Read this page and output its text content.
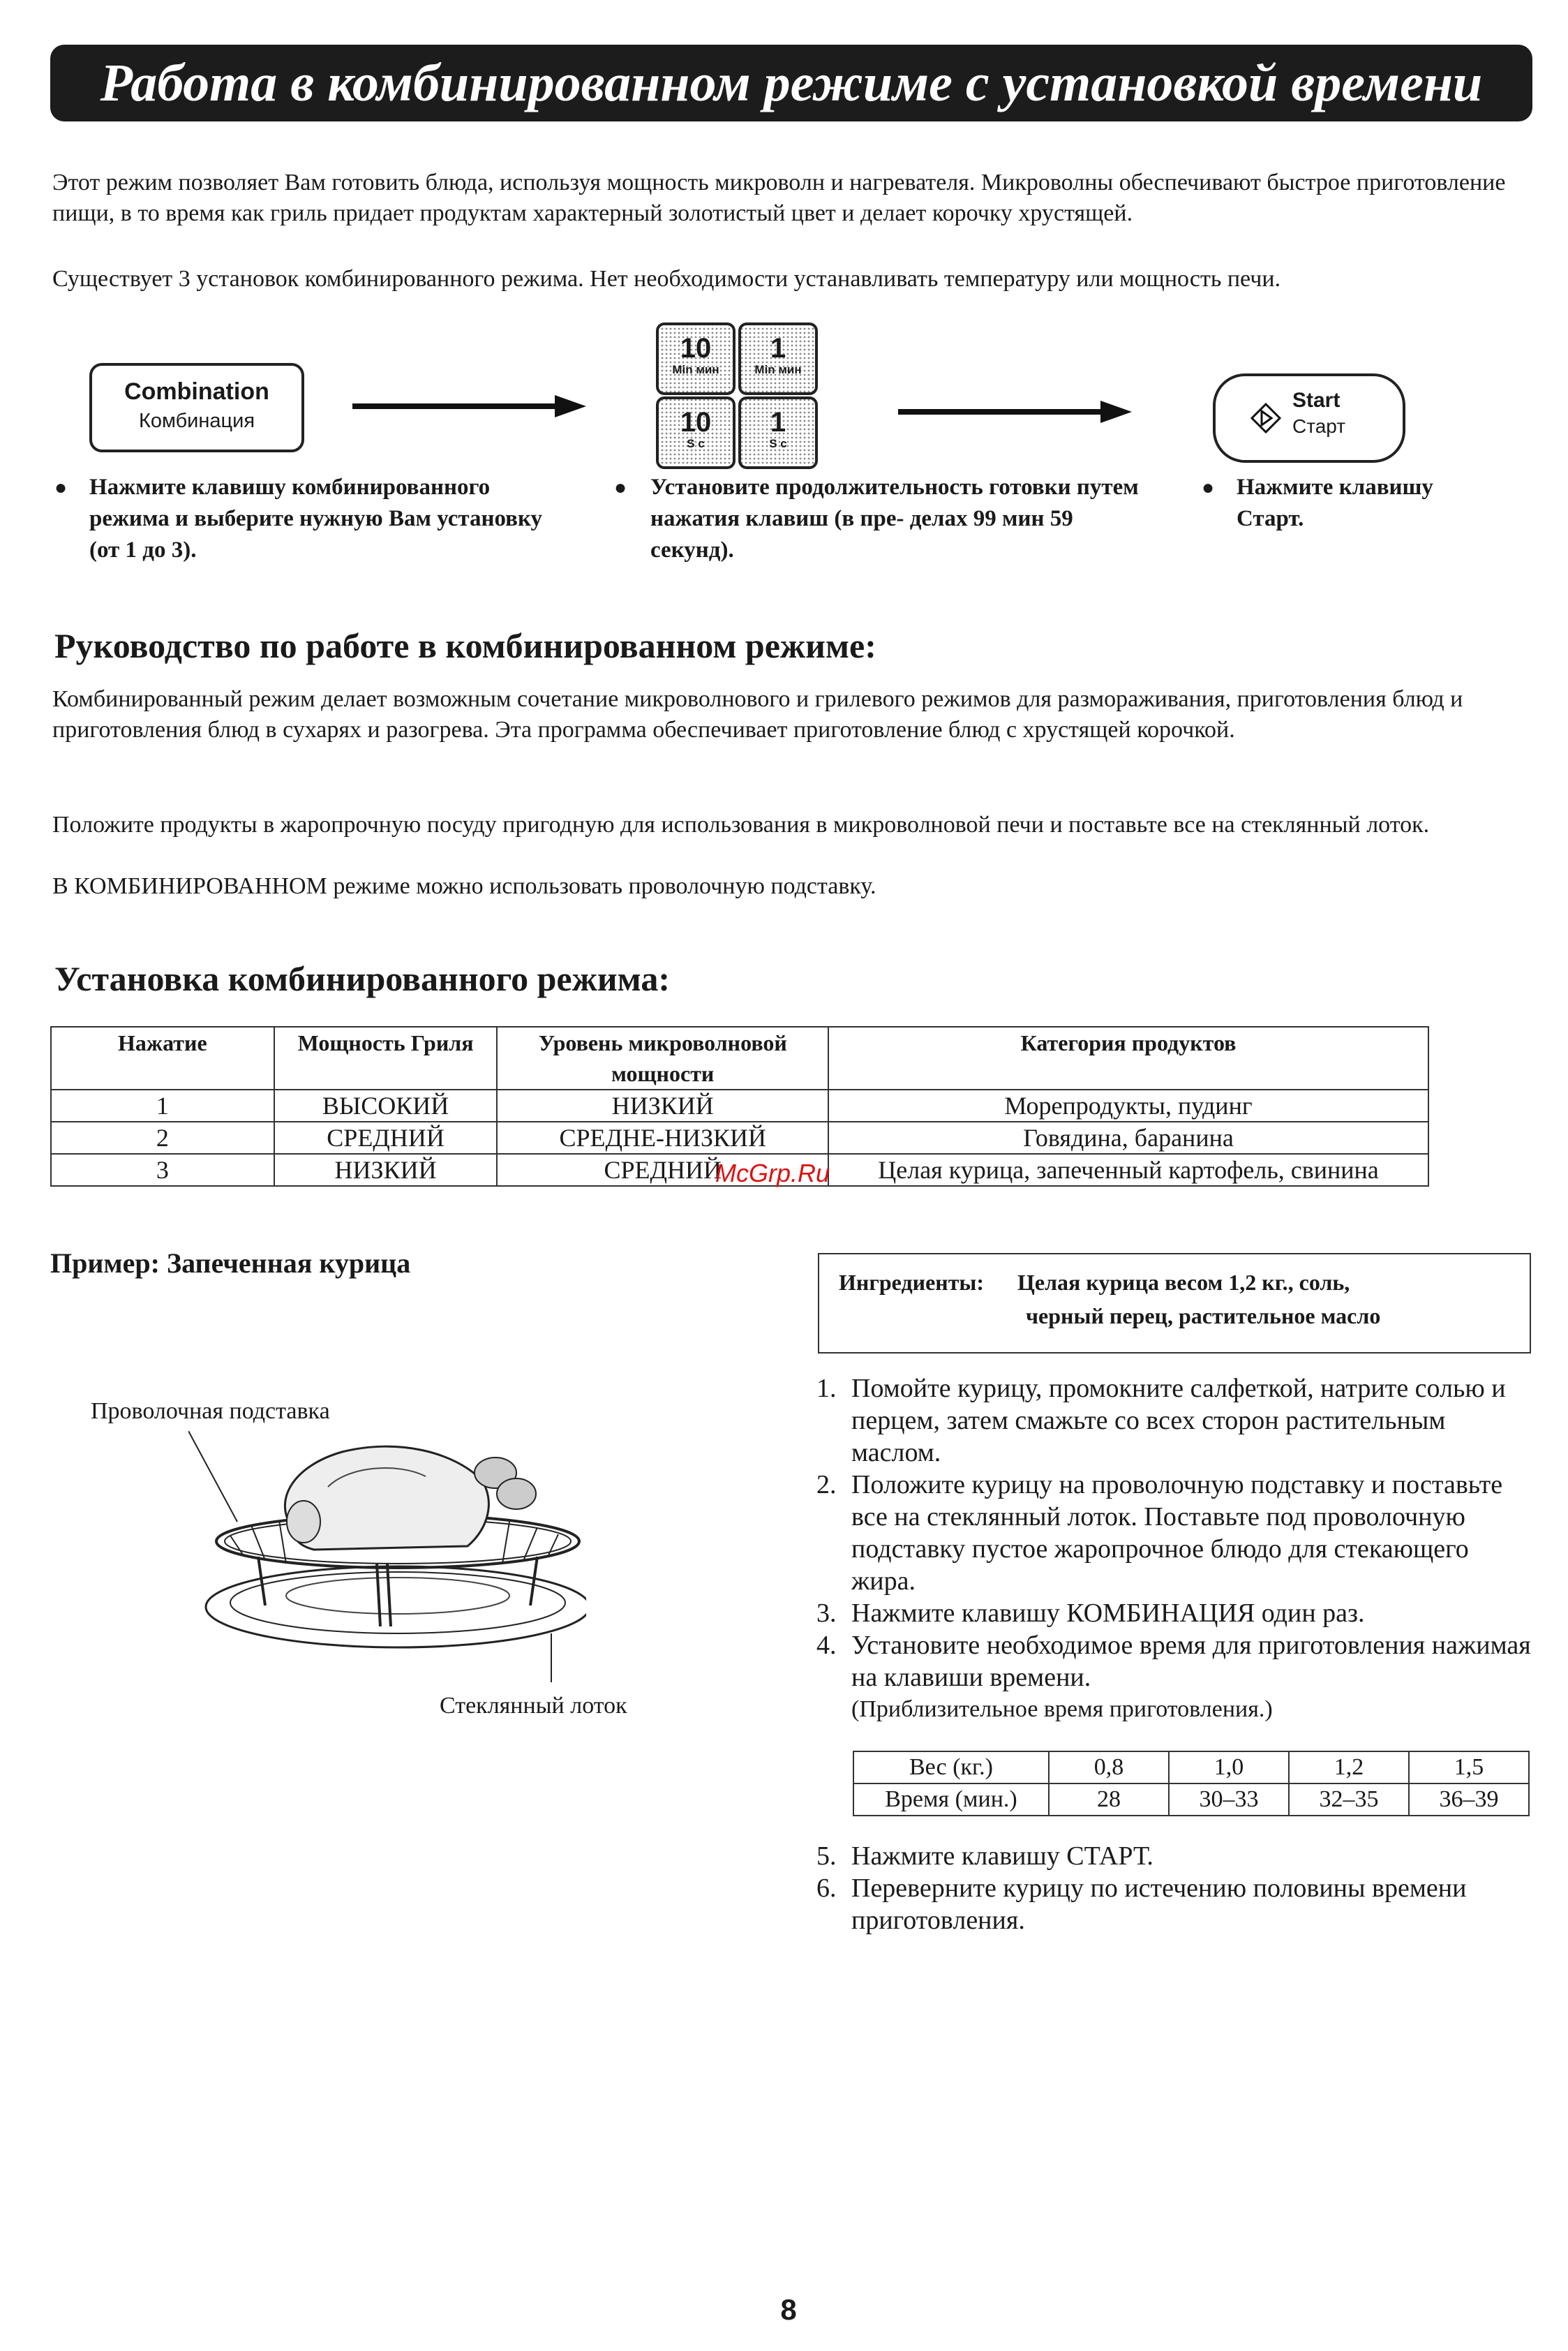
Работа в комбинированном режиме с установкой времени
Этот режим позволяет Вам готовить блюда, используя мощность микроволн и нагревателя. Микроволны обеспечивают быстрое приготовление пищи, в то время как гриль придает продуктам характерный золотистый цвет и делает корочку хрустящей.
Существует 3 установок комбинированного режима. Нет необходимости устанавливать температуру или мощность печи.
Combination
Комбинация
10
Min мин
1
Min мин
10
S c
1
S c
Start
Старт
● Нажмите клавишу комбинированного режима и выберите нужную Вам установку (от 1 до 3).
● Установите продолжительность готовки путем нажатия клавиш (в пре- делах 99 мин 59 секунд).
● Нажмите клавишу Старт.
Руководство по работе в комбинированном режиме:
Комбинированный режим делает возможным сочетание микроволнового и грилевого режимов для размораживания, приготовления блюд и приготовления блюд в сухарях и разогрева. Эта программа обеспечивает приготовление блюд с хрустящей корочкой.
Положите продукты в жаропрочную посуду пригодную для использования в микроволновой печи и поставьте все на стеклянный лоток.
В КОМБИНИРОВАННОМ режиме можно использовать проволочную подставку.
Установка комбинированного режима:
Нажатие	Мощность Гриля	Уровень микроволновой мощности	Категория продуктов
1	ВЫСОКИЙ	НИЗКИЙ	Морепродукты, пудинг
2	СРЕДНИЙ	СРЕДНЕ-НИЗКИЙ	Говядина, баранина
3	НИЗКИЙ	СРЕДНИЙ	Целая курица, запеченный картофель, свинина
McGrp.Ru
Пример: Запеченная курица
Проволочная подставка
Стеклянный лоток
Ингредиенты: Целая курица весом 1,2 кг., соль,
черный перец, растительное масло
1. Помойте курицу, промокните салфеткой, натрите солью и перцем, затем смажьте со всех сторон растительным маслом.
2. Положите курицу на проволочную подставку и поставьте все на стеклянный лоток. Поставьте под проволочную подставку пустое жаропрочное блюдо для стекающего жира.
3. Нажмите клавишу КОМБИНАЦИЯ один раз.
4. Установите необходимое время для приготовления нажимая на клавиши времени.
(Приблизительное время приготовления.)
Вес (кг.)	0,8	1,0	1,2	1,5
Время (мин.)	28	30–33	32–35	36–39
5. Нажмите клавишу СТАРТ.
6. Переверните курицу по истечению половины времени приготовления.
8
